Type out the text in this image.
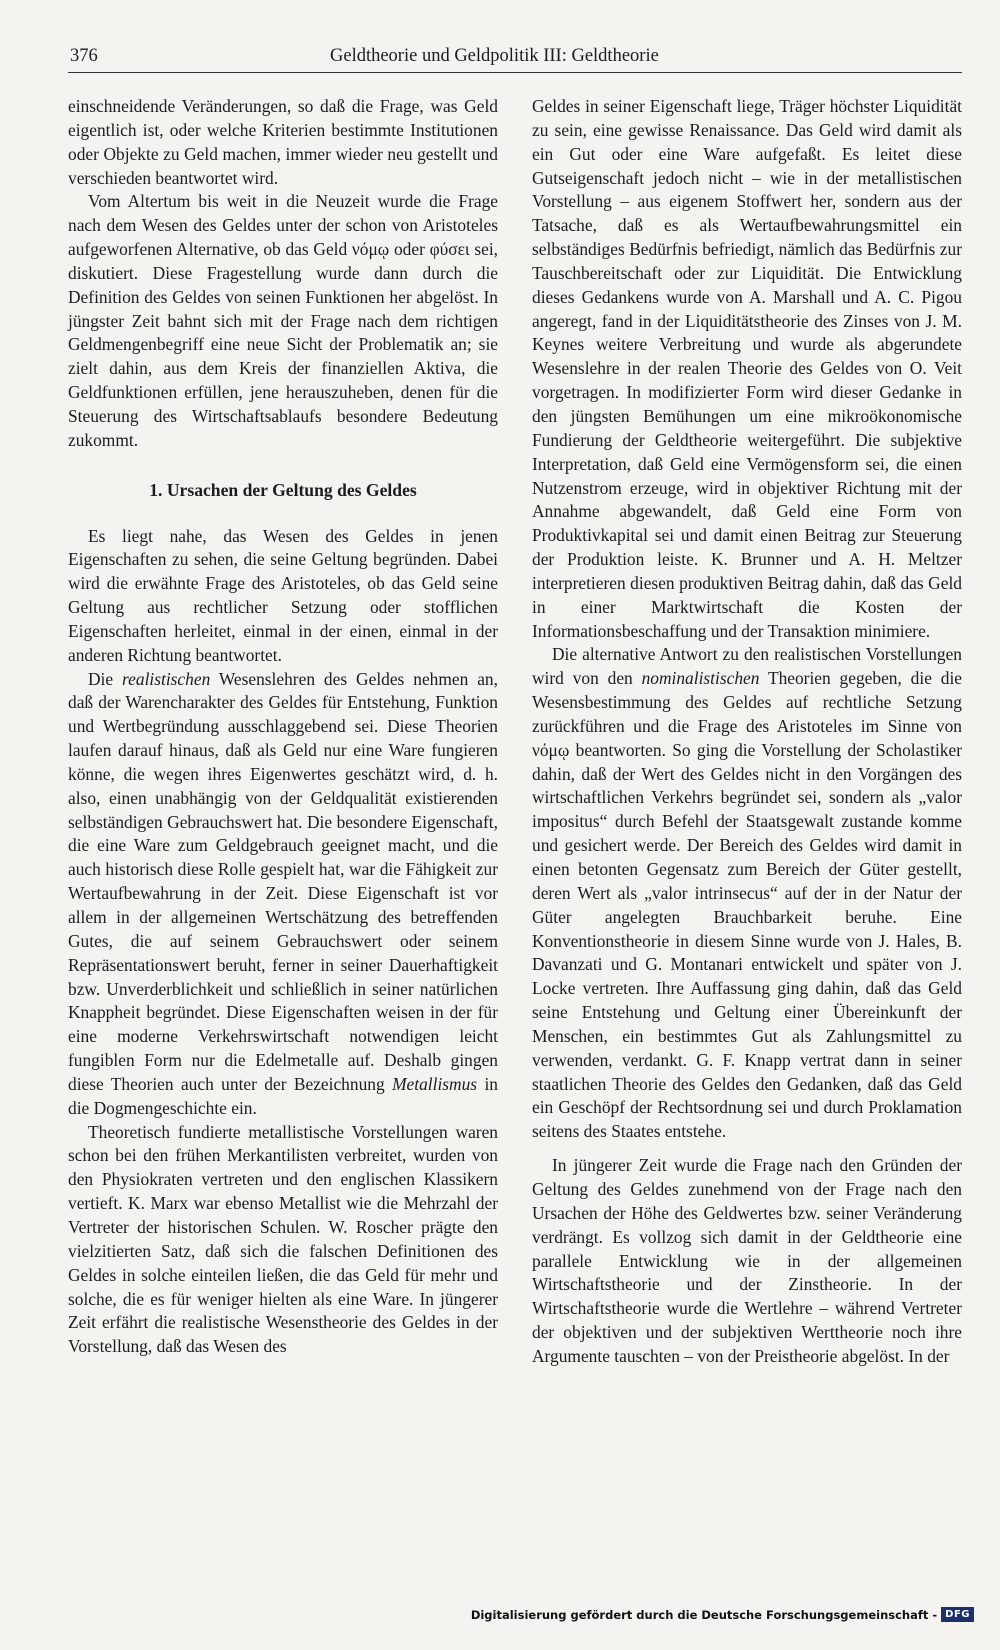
376	Geldtheorie und Geldpolitik III: Geldtheorie

einschneidende Veränderungen, so daß die Frage, was Geld eigentlich ist, oder welche Kriterien bestimmte Institutionen oder Objekte zu Geld machen, immer wieder neu gestellt und verschieden beantwortet wird.

Vom Altertum bis weit in die Neuzeit wurde die Frage nach dem Wesen des Geldes unter der schon von Aristoteles aufgeworfenen Alternative, ob das Geld νόμῳ oder φύσει sei, diskutiert. Diese Fragestellung wurde dann durch die Definition des Geldes von seinen Funktionen her abgelöst. In jüngster Zeit bahnt sich mit der Frage nach dem richtigen Geldmengenbegriff eine neue Sicht der Problematik an; sie zielt dahin, aus dem Kreis der finanziellen Aktiva, die Geldfunktionen erfüllen, jene herauszuheben, denen für die Steuerung des Wirtschaftsablaufs besondere Bedeutung zukommt.

1. Ursachen der Geltung des Geldes

Es liegt nahe, das Wesen des Geldes in jenen Eigenschaften zu sehen, die seine Geltung begründen. Dabei wird die erwähnte Frage des Aristoteles, ob das Geld seine Geltung aus rechtlicher Setzung oder stofflichen Eigenschaften herleitet, einmal in der einen, einmal in der anderen Richtung beantwortet.

Die realistischen Wesenslehren des Geldes nehmen an, daß der Warencharakter des Geldes für Entstehung, Funktion und Wertbegründung ausschlaggebend sei. Diese Theorien laufen darauf hinaus, daß als Geld nur eine Ware fungieren könne, die wegen ihres Eigenwertes geschätzt wird, d. h. also, einen unabhängig von der Geldqualität existierenden selbständigen Gebrauchswert hat. Die besondere Eigenschaft, die eine Ware zum Geldgebrauch geeignet macht, und die auch historisch diese Rolle gespielt hat, war die Fähigkeit zur Wertaufbewahrung in der Zeit. Diese Eigenschaft ist vor allem in der allgemeinen Wertschätzung des betreffenden Gutes, die auf seinem Gebrauchswert oder seinem Repräsentationswert beruht, ferner in seiner Dauerhaftigkeit bzw. Unverderblichkeit und schließlich in seiner natürlichen Knappheit begründet. Diese Eigenschaften weisen in der für eine moderne Verkehrswirtschaft notwendigen leicht fungiblen Form nur die Edelmetalle auf. Deshalb gingen diese Theorien auch unter der Bezeichnung Metallismus in die Dogmengeschichte ein.

Theoretisch fundierte metallistische Vorstellungen waren schon bei den frühen Merkantilisten verbreitet, wurden von den Physiokraten vertreten und den englischen Klassikern vertieft. K. Marx war ebenso Metallist wie die Mehrzahl der Vertreter der historischen Schulen. W. Roscher prägte den vielzitierten Satz, daß sich die falschen Definitionen des Geldes in solche einteilen ließen, die das Geld für mehr und solche, die es für weniger hielten als eine Ware. In jüngerer Zeit erfährt die realistische Wesenstheorie des Geldes in der Vorstellung, daß das Wesen des

Geldes in seiner Eigenschaft liege, Träger höchster Liquidität zu sein, eine gewisse Renaissance. Das Geld wird damit als ein Gut oder eine Ware aufgefaßt. Es leitet diese Gutseigenschaft jedoch nicht – wie in der metallistischen Vorstellung – aus eigenem Stoffwert her, sondern aus der Tatsache, daß es als Wertaufbewahrungsmittel ein selbständiges Bedürfnis befriedigt, nämlich das Bedürfnis zur Tauschbereitschaft oder zur Liquidität. Die Entwicklung dieses Gedankens wurde von A. Marshall und A. C. Pigou angeregt, fand in der Liquiditätstheorie des Zinses von J. M. Keynes weitere Verbreitung und wurde als abgerundete Wesenslehre in der realen Theorie des Geldes von O. Veit vorgetragen. In modifizierter Form wird dieser Gedanke in den jüngsten Bemühungen um eine mikroökonomische Fundierung der Geldtheorie weitergeführt. Die subjektive Interpretation, daß Geld eine Vermögensform sei, die einen Nutzenstrom erzeuge, wird in objektiver Richtung mit der Annahme abgewandelt, daß Geld eine Form von Produktivkapital sei und damit einen Beitrag zur Steuerung der Produktion leiste. K. Brunner und A. H. Meltzer interpretieren diesen produktiven Beitrag dahin, daß das Geld in einer Marktwirtschaft die Kosten der Informationsbeschaffung und der Transaktion minimiere.

Die alternative Antwort zu den realistischen Vorstellungen wird von den nominalistischen Theorien gegeben, die die Wesensbestimmung des Geldes auf rechtliche Setzung zurückführen und die Frage des Aristoteles im Sinne von νόμῳ beantworten. So ging die Vorstellung der Scholastiker dahin, daß der Wert des Geldes nicht in den Vorgängen des wirtschaftlichen Verkehrs begründet sei, sondern als „valor impositus“ durch Befehl der Staatsgewalt zustande komme und gesichert werde. Der Bereich des Geldes wird damit in einen betonten Gegensatz zum Bereich der Güter gestellt, deren Wert als „valor intrinsecus“ auf der in der Natur der Güter angelegten Brauchbarkeit beruhe. Eine Konventionstheorie in diesem Sinne wurde von J. Hales, B. Davanzati und G. Montanari entwickelt und später von J. Locke vertreten. Ihre Auffassung ging dahin, daß das Geld seine Entstehung und Geltung einer Übereinkunft der Menschen, ein bestimmtes Gut als Zahlungsmittel zu verwenden, verdankt. G. F. Knapp vertrat dann in seiner staatlichen Theorie des Geldes den Gedanken, daß das Geld ein Geschöpf der Rechtsordnung sei und durch Proklamation seitens des Staates entstehe.

In jüngerer Zeit wurde die Frage nach den Gründen der Geltung des Geldes zunehmend von der Frage nach den Ursachen der Höhe des Geldwertes bzw. seiner Veränderung verdrängt. Es vollzog sich damit in der Geldtheorie eine parallele Entwicklung wie in der allgemeinen Wirtschaftstheorie und der Zinstheorie. In der Wirtschaftstheorie wurde die Wertlehre – während Vertreter der objektiven und der subjektiven Werttheorie noch ihre Argumente tauschten – von der Preistheorie abgelöst. In der

Digitalisierung gefördert durch die Deutsche Forschungsgemeinschaft - DFG
